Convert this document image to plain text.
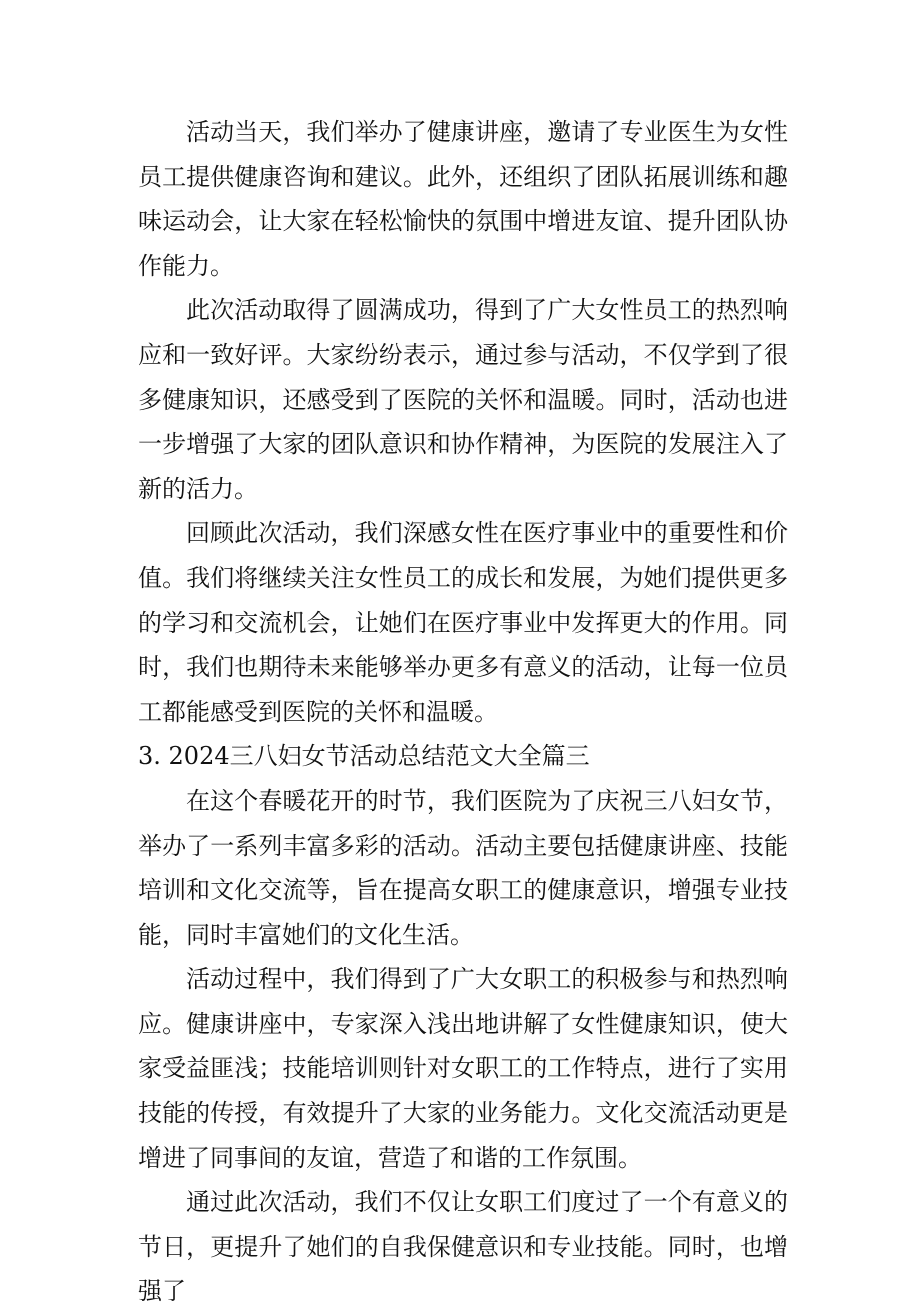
活动当天，我们举办了健康讲座，邀请了专业医生为女性员工提供健康咨询和建议。此外，还组织了团队拓展训练和趣味运动会，让大家在轻松愉快的氛围中增进友谊、提升团队协作能力。

此次活动取得了圆满成功，得到了广大女性员工的热烈响应和一致好评。大家纷纷表示，通过参与活动，不仅学到了很多健康知识，还感受到了医院的关怀和温暖。同时，活动也进一步增强了大家的团队意识和协作精神，为医院的发展注入了新的活力。

回顾此次活动，我们深感女性在医疗事业中的重要性和价值。我们将继续关注女性员工的成长和发展，为她们提供更多的学习和交流机会，让她们在医疗事业中发挥更大的作用。同时，我们也期待未来能够举办更多有意义的活动，让每一位员工都能感受到医院的关怀和温暖。

3. 2024三八妇女节活动总结范文大全篇三

在这个春暖花开的时节，我们医院为了庆祝三八妇女节，举办了一系列丰富多彩的活动。活动主要包括健康讲座、技能培训和文化交流等，旨在提高女职工的健康意识，增强专业技能，同时丰富她们的文化生活。

活动过程中，我们得到了广大女职工的积极参与和热烈响应。健康讲座中，专家深入浅出地讲解了女性健康知识，使大家受益匪浅；技能培训则针对女职工的工作特点，进行了实用技能的传授，有效提升了大家的业务能力。文化交流活动更是增进了同事间的友谊，营造了和谐的工作氛围。

通过此次活动，我们不仅让女职工们度过了一个有意义的节日，更提升了她们的自我保健意识和专业技能。同时，也增强了
